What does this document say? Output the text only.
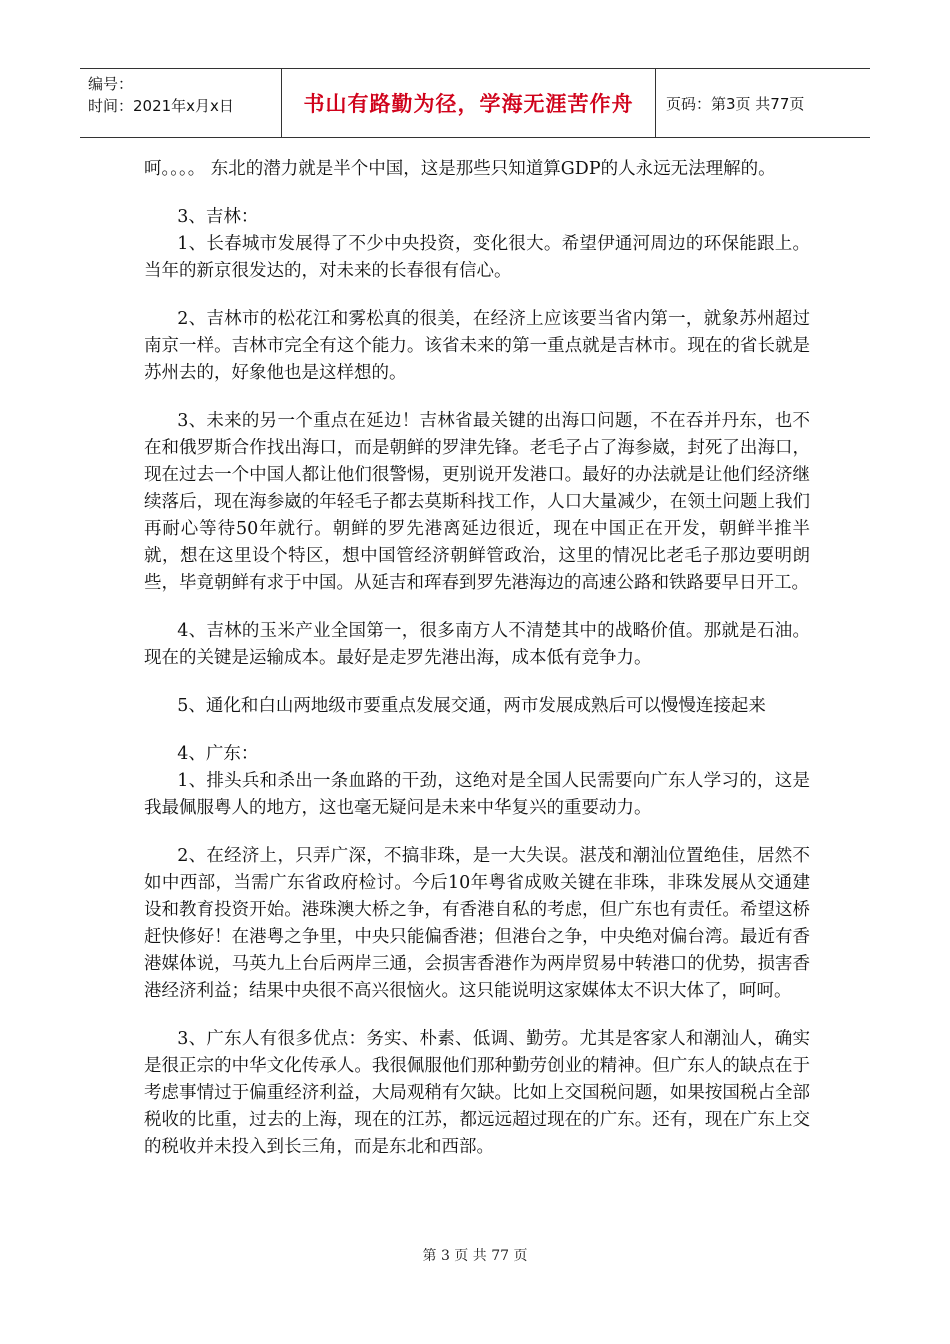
编号：
时间：2021年x月x日	书山有路勤为径，学海无涯苦作舟 页码：第3页 共77页

呵。。。。 东北的潜力就是半个中国，这是那些只知道算GDP的人永远无法理解的。

3、吉林：

1、长春城市发展得了不少中央投资，变化很大。希望伊通河周边的环保能跟上。当年的新京很发达的，对未来的长春很有信心。

2、吉林市的松花江和雾松真的很美，在经济上应该要当省内第一，就象苏州超过南京一样。吉林市完全有这个能力。该省未来的第一重点就是吉林市。现在的省长就是苏州去的，好象他也是这样想的。

3、未来的另一个重点在延边！吉林省最关键的出海口问题，不在吞并丹东，也不在和俄罗斯合作找出海口，而是朝鲜的罗津先锋。老毛子占了海参崴，封死了出海口，现在过去一个中国人都让他们很警惕，更别说开发港口。最好的办法就是让他们经济继续落后，现在海参崴的年轻毛子都去莫斯科找工作，人口大量减少，在领土问题上我们再耐心等待50年就行。朝鲜的罗先港离延边很近，现在中国正在开发，朝鲜半推半就，想在这里设个特区，想中国管经济朝鲜管政治，这里的情况比老毛子那边要明朗些，毕竟朝鲜有求于中国。从延吉和珲春到罗先港海边的高速公路和铁路要早日开工。

4、吉林的玉米产业全国第一，很多南方人不清楚其中的战略价值。那就是石油。 现在的关键是运输成本。最好是走罗先港出海，成本低有竞争力。

5、通化和白山两地级市要重点发展交通，两市发展成熟后可以慢慢连接起来

4、广东：

1、排头兵和杀出一条血路的干劲，这绝对是全国人民需要向广东人学习的，这是我最佩服粤人的地方，这也毫无疑问是未来中华复兴的重要动力。

2、在经济上，只弄广深，不搞非珠，是一大失误。湛茂和潮汕位置绝佳，居然不如中西部，当需广东省政府检讨。今后10年粤省成败关键在非珠，非珠发展从交通建设和教育投资开始。港珠澳大桥之争，有香港自私的考虑，但广东也有责任。希望这桥赶快修好！在港粤之争里，中央只能偏香港；但港台之争，中央绝对偏台湾。最近有香港媒体说，马英九上台后两岸三通，会损害香港作为两岸贸易中转港口的优势，损害香港经济利益；结果中央很不高兴很恼火。这只能说明这家媒体太不识大体了，呵呵。

3、广东人有很多优点：务实、朴素、低调、勤劳。尤其是客家人和潮汕人，确实是很正宗的中华文化传承人。我很佩服他们那种勤劳创业的精神。但广东人的缺点在于考虑事情过于偏重经济利益，大局观稍有欠缺。比如上交国税问题，如果按国税占全部税收的比重，过去的上海，现在的江苏，都远远超过现在的广东。还有，现在广东上交的税收并未投入到长三角，而是东北和西部。

第 3 页 共 77 页
